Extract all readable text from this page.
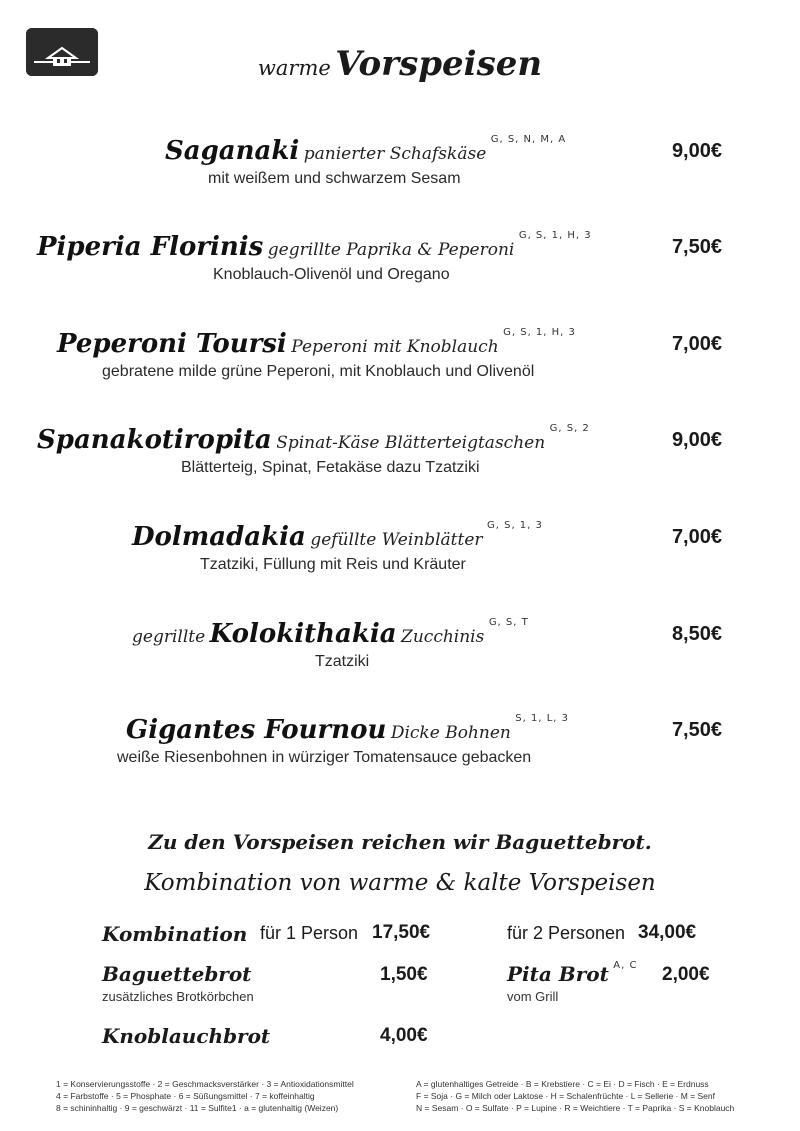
warme Vorspeisen
Saganaki panierter Schafskäse $^{G, S, N, M, A}$
9,00€
mit weißem und schwarzem Sesam
Piperia Florinis gegrillte Paprika & Peperoni $^{G, S, 1, H, 3}$
7,50€
Knoblauch-Olivenöl und Oregano
Peperoni Toursi Peperoni mit Knoblauch $^{G, S, 1, H, 3}$
7,00€
gebratene milde grüne Peperoni, mit Knoblauch und Olivenöl
Spanakotiropita Spinat-Käse Blätterteigtaschen $^{G, S, 2}$
9,00€
Blätterteig, Spinat, Fetakäse dazu Tzatziki
Dolmadakia gefüllte Weinblätter $^{G, S, 1, 3}$
7,00€
Tzatziki, Füllung mit Reis und Kräuter
gegrillte Kolokithakia Zucchinis $^{G, S, T}$
8,50€
Tzatziki
Gigantes Fournou Dicke Bohnen $^{S, 1, L, 3}$
7,50€
weiße Riesenbohnen in würziger Tomatensauce gebacken
Zu den Vorspeisen reichen wir Baguettebrot.
Kombination von warme & kalte Vorspeisen
Kombination für 1 Person 17,50€	für 2 Personen 34,00€
Baguettebrot	1,50€
zusätzliches Brotkörbchen
Pita Brot $^{A, C}$ 2,00€
vom Grill
Knoblauchbrot	4,00€
1 = Konservierungsstoffe · 2 = Geschmacksverstärker · 3 = Antioxidationsmittel
4 = Farbstoffe · 5 = Phosphate · 6 = Süßungsmittel · 7 = koffeinhaltig
8 = schininhaltig · 9 = geschwärzt · 11 = Sulfite1 · a = glutenhaltig (Weizen)
A = glutenhaltiges Getreide · B = Krebstiere · C = Ei · D = Fisch · E = Erdnuss
F = Soja · G = Milch oder Laktose · H = Schalenfrüchte · L = Sellerie · M = Senf
N = Sesam · O = Sulfate · P = Lupine · R = Weichtiere · T = Paprika · S = Knoblauch
